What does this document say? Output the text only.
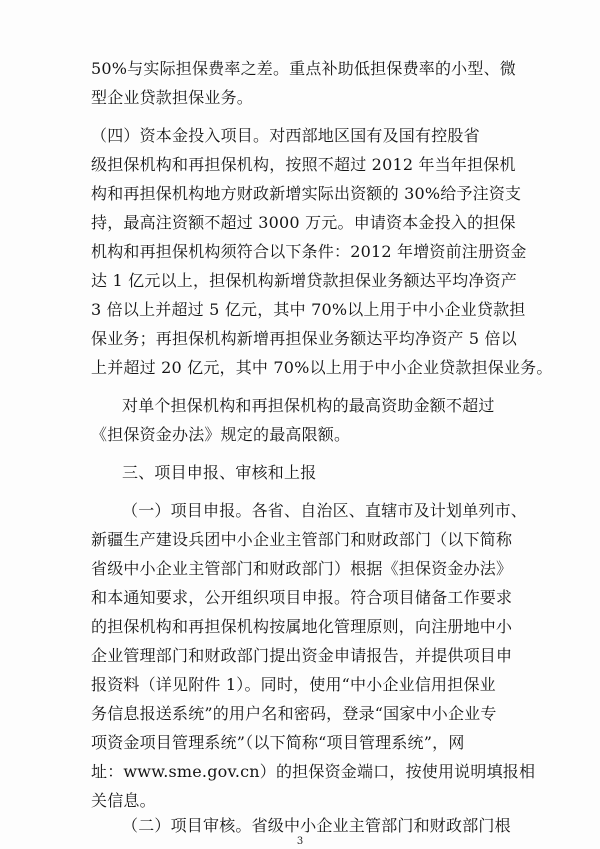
50%与实际担保费率之差。重点补助低担保费率的小型、微
型企业贷款担保业务。
（四）资本金投入项目。对西部地区国有及国有控股省
级担保机构和再担保机构，按照不超过 2012 年当年担保机
构和再担保机构地方财政新增实际出资额的 30%给予注资支
持，最高注资额不超过 3000 万元。申请资本金投入的担保
机构和再担保机构须符合以下条件：2012 年增资前注册资金
达 1 亿元以上，担保机构新增贷款担保业务额达平均净资产
3 倍以上并超过 5 亿元，其中 70%以上用于中小企业贷款担
保业务；再担保机构新增再担保业务额达平均净资产 5 倍以
上并超过 20 亿元，其中 70%以上用于中小企业贷款担保业务。
对单个担保机构和再担保机构的最高资助金额不超过
《担保资金办法》规定的最高限额。
三、项目申报、审核和上报
（一）项目申报。各省、自治区、直辖市及计划单列市、
新疆生产建设兵团中小企业主管部门和财政部门（以下简称
省级中小企业主管部门和财政部门）根据《担保资金办法》
和本通知要求，公开组织项目申报。符合项目储备工作要求
的担保机构和再担保机构按属地化管理原则，向注册地中小
企业管理部门和财政部门提出资金申请报告，并提供项目申
报资料（详见附件 1）。同时，使用“中小企业信用担保业
务信息报送系统”的用户名和密码，登录“国家中小企业专
项资金项目管理系统”（以下简称“项目管理系统”，网
址：www.sme.gov.cn）的担保资金端口，按使用说明填报相
关信息。
（二）项目审核。省级中小企业主管部门和财政部门根
3
